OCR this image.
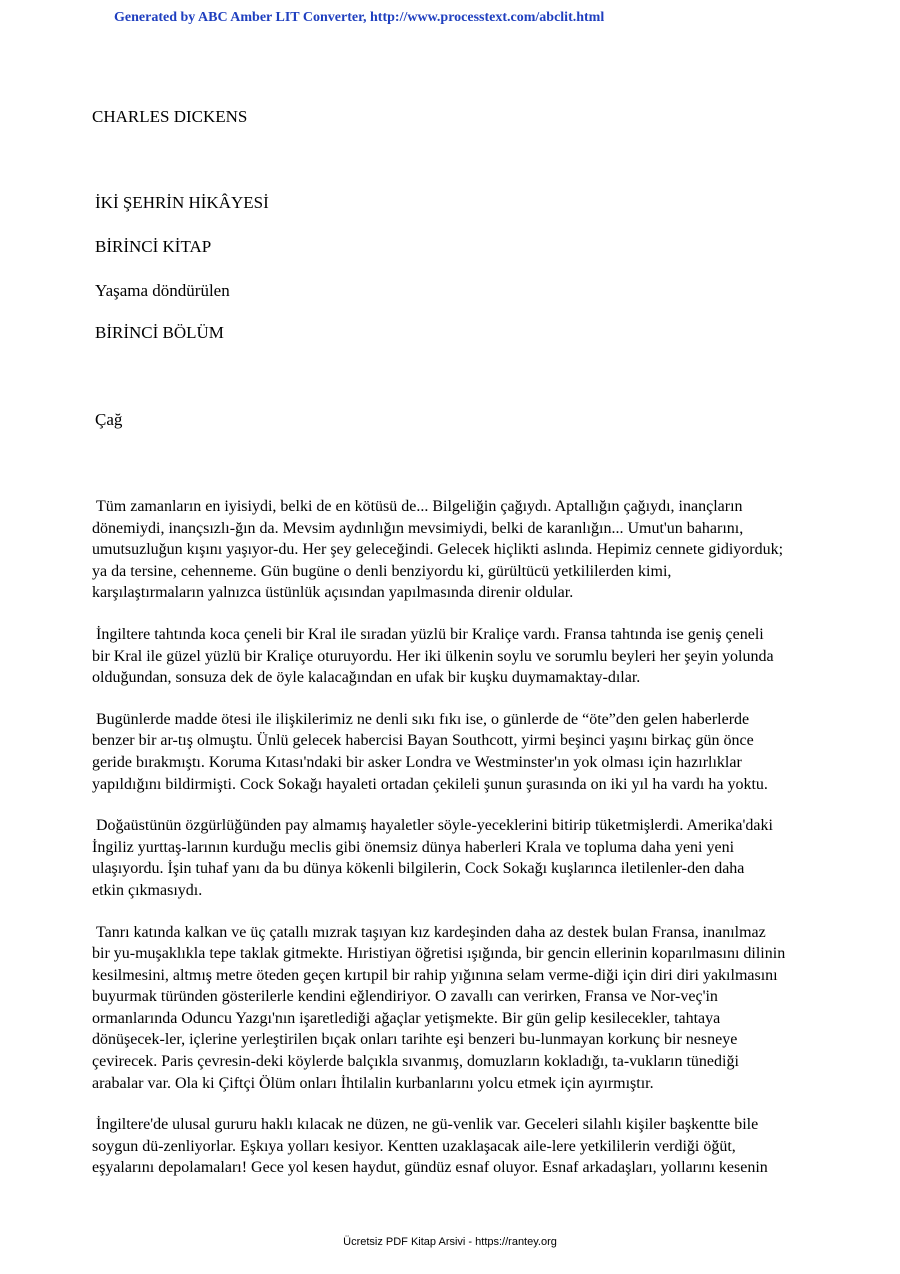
Generated by ABC Amber LIT Converter, http://www.processtext.com/abclit.html
CHARLES DICKENS
İKİ ŞEHRİN HİKÂYESİ
BİRİNCİ KİTAP
Yaşama döndürülen
BİRİNCİ BÖLÜM
Çağ

Tüm zamanların en iyisiydi, belki de en kötüsü de... Bilgeliğin çağıydı. Aptallığın çağıydı, inançların
dönemiydi, inançsızlı-ğın da. Mevsim aydınlığın mevsimiydi, belki de karanlığın... Umut'un baharını,
umutsuzluğun kışını yaşıyor-du. Her şey geleceğindi. Gelecek hiçlikti aslında. Hepimiz cennete gidiyorduk;
ya da tersine, cehenneme. Gün bugüne o denli benziyordu ki, gürültücü yetkililerden kimi,
karşılaştırmaların yalnızca üstünlük açısından yapılmasında direnir oldular.

İngiltere tahtında koca çeneli bir Kral ile sıradan yüzlü bir Kraliçe vardı. Fransa tahtında ise geniş çeneli
bir Kral ile güzel yüzlü bir Kraliçe oturuyordu. Her iki ülkenin soylu ve sorumlu beyleri her şeyin yolunda
olduğundan, sonsuza dek de öyle kalacağından en ufak bir kuşku duymamaktay-dılar.

Bugünlerde madde ötesi ile ilişkilerimiz ne denli sıkı fıkı ise, o günlerde de “öte”den gelen haberlerde
benzer bir ar-tış olmuştu. Ünlü gelecek habercisi Bayan Southcott, yirmi beşinci yaşını birkaç gün önce
geride bırakmıştı. Koruma Kıtası'ndaki bir asker Londra ve Westminster'ın yok olması için hazırlıklar
yapıldığını bildirmişti. Cock Sokağı hayaleti ortadan çekileli şunun şurasında on iki yıl ha vardı ha yoktu.

Doğaüstünün özgürlüğünden pay almamış hayaletler söyle-yeceklerini bitirip tüketmişlerdi. Amerika'daki
İngiliz yurttaş-larının kurduğu meclis gibi önemsiz dünya haberleri Krala ve topluma daha yeni yeni
ulaşıyordu. İşin tuhaf yanı da bu dünya kökenli bilgilerin, Cock Sokağı kuşlarınca iletilenler-den daha
etkin çıkmasıydı.

Tanrı katında kalkan ve üç çatallı mızrak taşıyan kız kardeşinden daha az destek bulan Fransa, inanılmaz
bir yu-muşaklıkla tepe taklak gitmekte. Hıristiyan öğretisi ışığında, bir gencin ellerinin koparılmasını dilinin
kesilmesini, altmış metre öteden geçen kırtıpil bir rahip yığınına selam verme-diği için diri diri yakılmasını
buyurmak türünden gösterilerle kendini eğlendiriyor. O zavallı can verirken, Fransa ve Nor-veç'in
ormanlarında Oduncu Yazgı'nın işaretlediği ağaçlar yetişmekte. Bir gün gelip kesilecekler, tahtaya
dönüşecek-ler, içlerine yerleştirilen bıçak onları tarihte eşi benzeri bu-lunmayan korkunç bir nesneye
çevirecek. Paris çevresin-deki köylerde balçıkla sıvanmış, domuzların kokladığı, ta-vukların tünediği
arabalar var. Ola ki Çiftçi Ölüm onları İhtilalin kurbanlarını yolcu etmek için ayırmıştır.

İngiltere'de ulusal gururu haklı kılacak ne düzen, ne gü-venlik var. Geceleri silahlı kişiler başkentte bile
soygun dü-zenliyorlar. Eşkıya yolları kesiyor. Kentten uzaklaşacak aile-lere yetkililerin verdiği öğüt,
eşyalarını depolamaları! Gece yol kesen haydut, gündüz esnaf oluyor. Esnaf arkadaşları, yollarını kesenin

Ücretsiz PDF Kitap Arsivi - https://rantey.org
